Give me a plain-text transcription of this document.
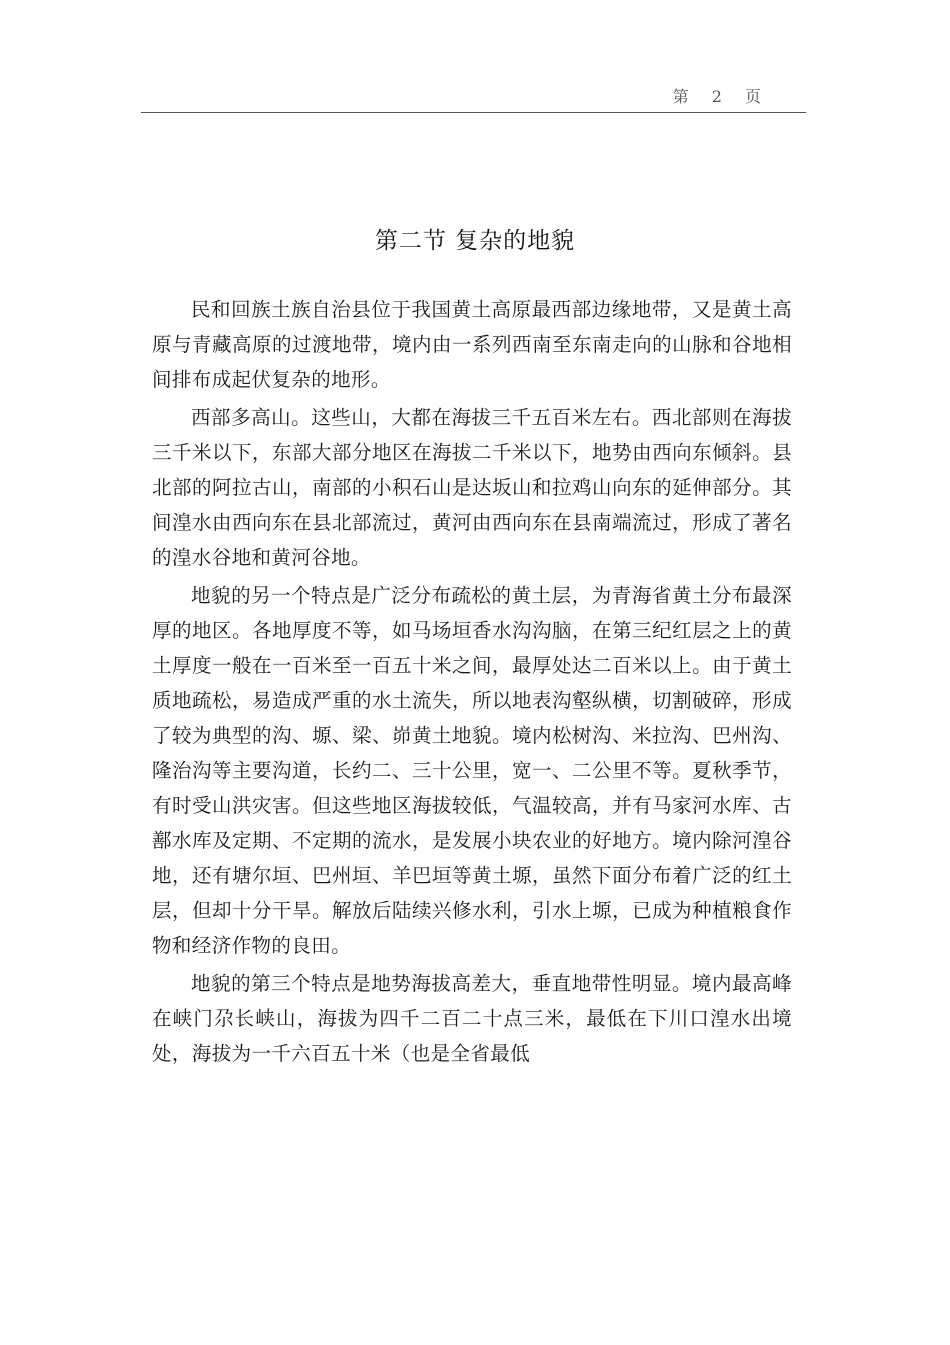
第 2 页
第二节 复杂的地貌

民和回族土族自治县位于我国黄土高原最西部边缘地带，又是黄土高原与青藏高原的过渡地带，境内由一系列西南至东南走向的山脉和谷地相间排布成起伏复杂的地形。

西部多高山。这些山，大都在海拔三千五百米左右。西北部则在海拔三千米以下，东部大部分地区在海拔二千米以下，地势由西向东倾斜。县北部的阿拉古山，南部的小积石山是达坂山和拉鸡山向东的延伸部分。其间湟水由西向东在县北部流过，黄河由西向东在县南端流过，形成了著名的湟水谷地和黄河谷地。

地貌的另一个特点是广泛分布疏松的黄土层，为青海省黄土分布最深厚的地区。各地厚度不等，如马场垣香水沟沟脑，在第三纪红层之上的黄土厚度一般在一百米至一百五十米之间，最厚处达二百米以上。由于黄土质地疏松，易造成严重的水土流失，所以地表沟壑纵横，切割破碎，形成了较为典型的沟、塬、梁、峁黄土地貌。境内松树沟、米拉沟、巴州沟、隆治沟等主要沟道，长约二、三十公里，宽一、二公里不等。夏秋季节，有时受山洪灾害。但这些地区海拔较低，气温较高，并有马家河水库、古鄯水库及定期、不定期的流水，是发展小块农业的好地方。境内除河湟谷地，还有塘尔垣、巴州垣、羊巴垣等黄土塬，虽然下面分布着广泛的红土层，但却十分干旱。解放后陆续兴修水利，引水上塬，已成为种植粮食作物和经济作物的良田。

地貌的第三个特点是地势海拔高差大，垂直地带性明显。境内最高峰在峡门尕长峡山，海拔为四千二百二十点三米，最低在下川口湟水出境处，海拔为一千六百五十米（也是全省最低
